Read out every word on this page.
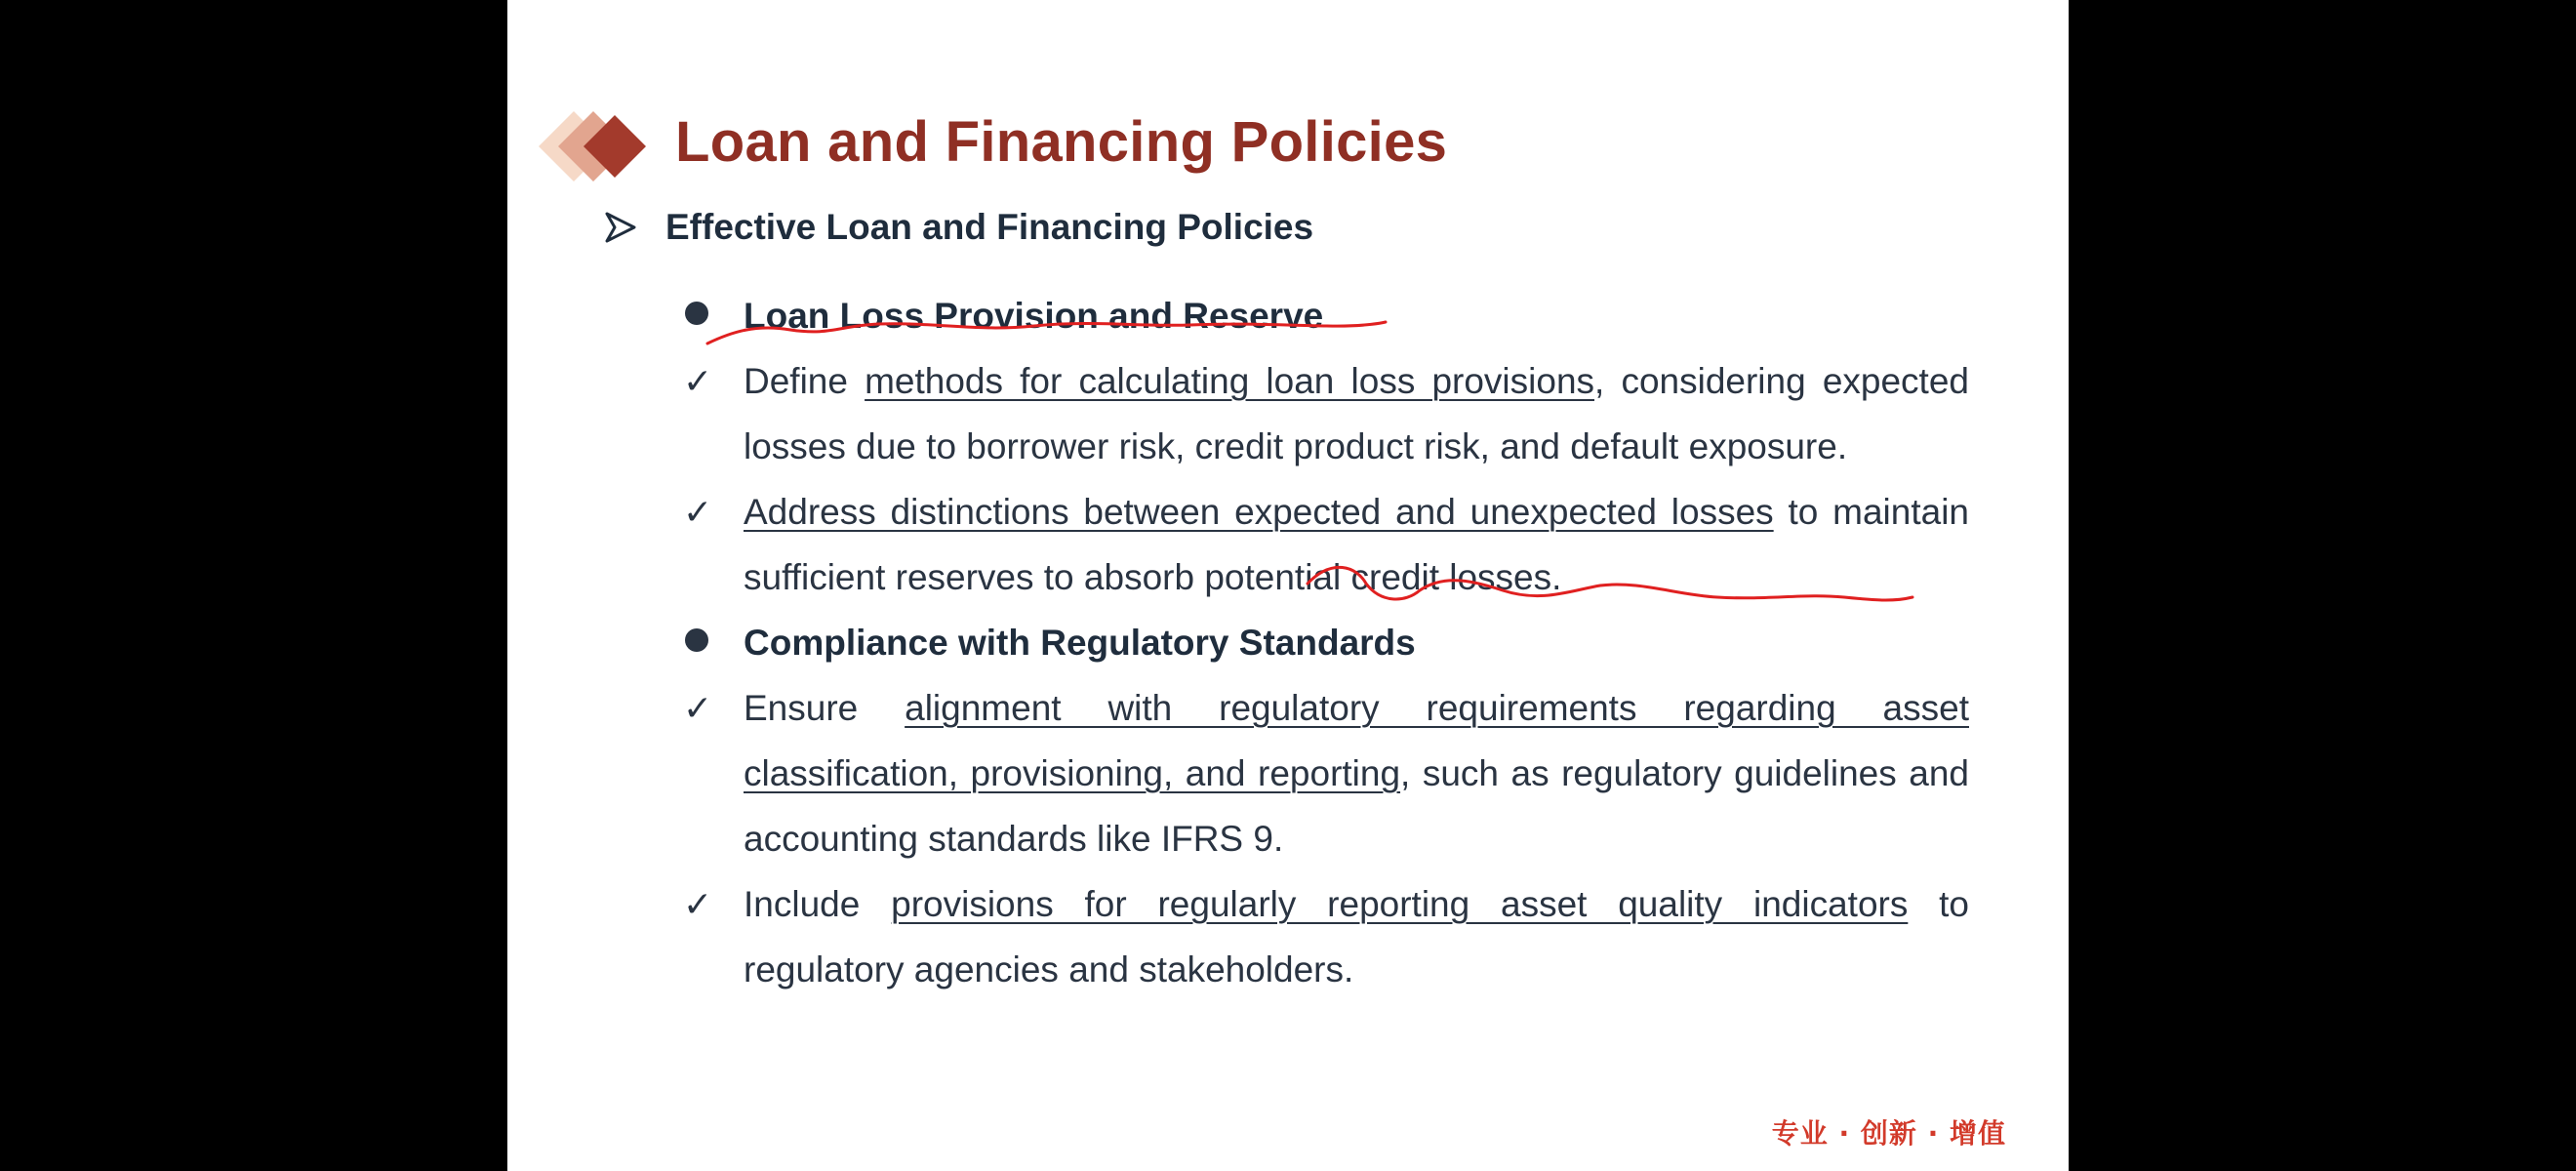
Loan and Financing Policies
Effective Loan and Financing Policies
Loan Loss Provision and Reserve
✓ Define methods for calculating loan loss provisions, considering expected losses due to borrower risk, credit product risk, and default exposure.
✓ Address distinctions between expected and unexpected losses to maintain sufficient reserves to absorb potential credit losses.
Compliance with Regulatory Standards
✓ Ensure alignment with regulatory requirements regarding asset classification, provisioning, and reporting, such as regulatory guidelines and accounting standards like IFRS 9.
✓ Include provisions for regularly reporting asset quality indicators to regulatory agencies and stakeholders.
专业 · 创新 · 增值
